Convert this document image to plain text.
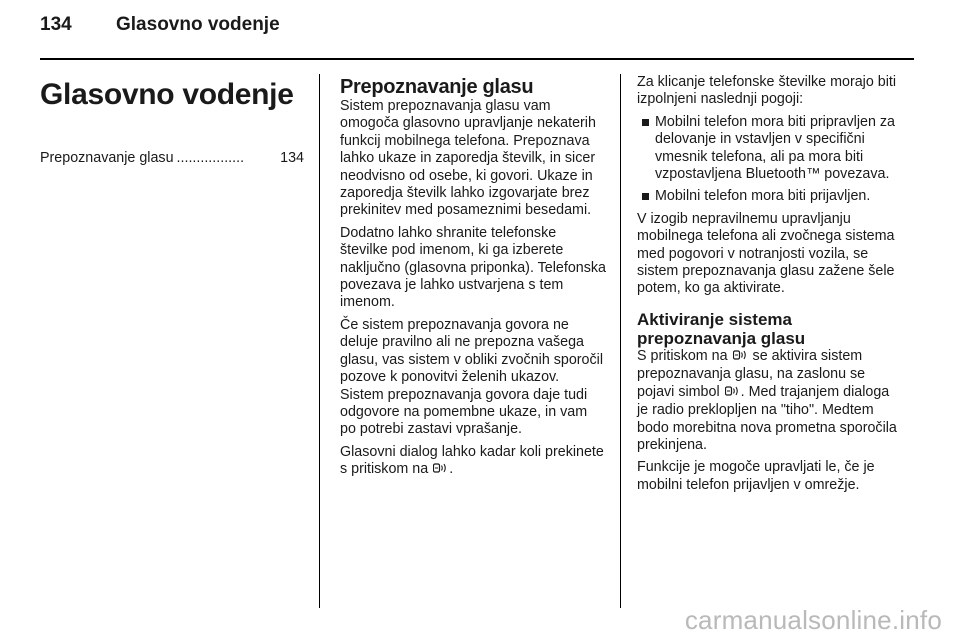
134 Glasovno vodenje
Glasovno vodenje
Prepoznavanje glasu .................	134
Prepoznavanje glasu

Sistem prepoznavanja glasu vam omogoča glasovno upravljanje nekaterih funkcij mobilnega telefona. Prepoznava lahko ukaze in zaporedja številk, in sicer neodvisno od osebe, ki govori. Ukaze in zaporedja številk lahko izgovarjate brez prekinitev med posameznimi besedami.

Dodatno lahko shranite telefonske številke pod imenom, ki ga izberete naključno (glasovna priponka). Telefonska povezava je lahko ustvarjena s tem imenom.

Če sistem prepoznavanja govora ne deluje pravilno ali ne prepozna vašega glasu, vas sistem v obliki zvočnih sporočil pozove k ponovitvi želenih ukazov. Sistem prepoznavanja govora daje tudi odgovore na pomembne ukaze, in vam po potrebi zastavi vprašanje.

Glasovni dialog lahko kadar koli prekinete s pritiskom na .

Za klicanje telefonske številke morajo biti izpolnjeni naslednji pogoji:

Mobilni telefon mora biti pripravljen za delovanje in vstavljen v specifični vmesnik telefona, ali pa mora biti vzpostavljena Bluetooth™ povezava.
Mobilni telefon mora biti prijavljen.

V izogib nepravilnemu upravljanju mobilnega telefona ali zvočnega sistema med pogovori v notranjosti vozila, se sistem prepoznavanja glasu zažene šele potem, ko ga aktivirate.

Aktiviranje sistema prepoznavanja glasu

S pritiskom na se aktivira sistem prepoznavanja glasu, na zaslonu se pojavi simbol . Med trajanjem dialoga je radio preklopljen na "tiho". Medtem bodo morebitna nova prometna sporočila prekinjena.

Funkcije je mogoče upravljati le, če je mobilni telefon prijavljen v omrežje.

carmanualsonline.info
